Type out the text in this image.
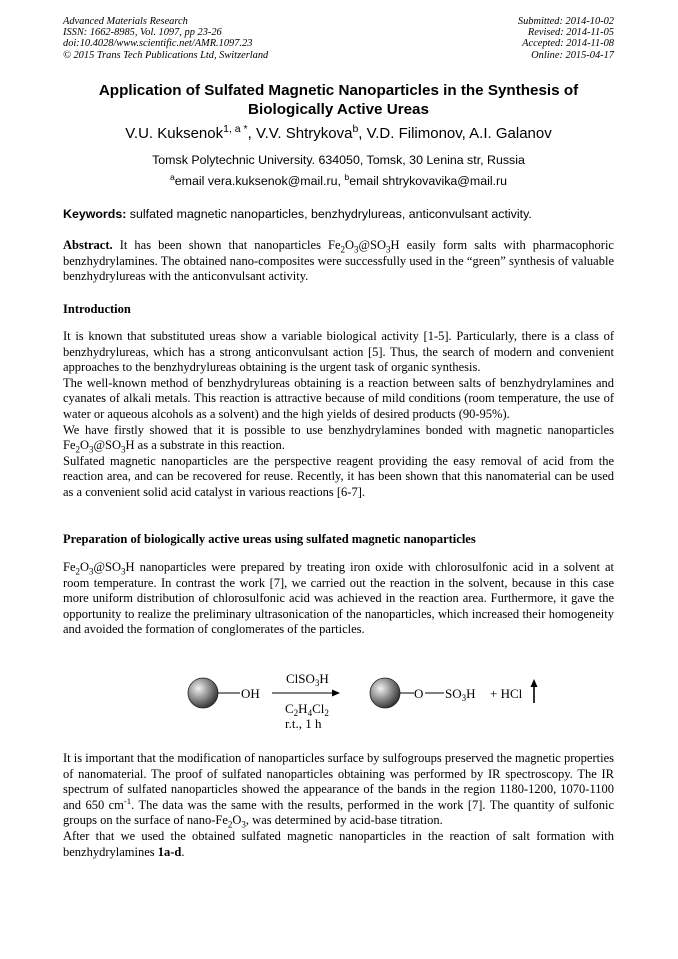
Advanced Materials Research
ISSN: 1662-8985, Vol. 1097, pp 23-26
doi:10.4028/www.scientific.net/AMR.1097.23
© 2015 Trans Tech Publications Ltd, Switzerland
Submitted: 2014-10-02
Revised: 2014-11-05
Accepted: 2014-11-08
Online: 2015-04-17
Application of Sulfated Magnetic Nanoparticles in the Synthesis of
Biologically Active Ureas
V.U. Kuksenok$^{1, a *}$, V.V. Shtrykova$^b$, V.D. Filimonov, A.I. Galanov
Tomsk Polytechnic University. 634050, Tomsk, 30 Lenina str, Russia
$^a$email vera.kuksenok@mail.ru, $^b$email shtrykovavika@mail.ru
Keywords: sulfated magnetic nanoparticles, benzhydrylureas, anticonvulsant activity.
Abstract. It has been shown that nanoparticles $Fe_2O_3@SO_3H$ easily form salts with pharmacophoric benzhydrylamines. The obtained nano-composites were successfully used in the “green” synthesis of valuable benzhydrylureas with the anticonvulsant activity.
Introduction
It is known that substituted ureas show a variable biological activity [1-5]. Particularly, there is a class of benzhydrylureas, which has a strong anticonvulsant action [5]. Thus, the search of modern and convenient approaches to the benzhydrylureas obtaining is the urgent task of organic synthesis.
The well-known method of benzhydrylureas obtaining is a reaction between salts of benzhydrylamines and cyanates of alkali metals. This reaction is attractive because of mild conditions (room temperature, the use of water or aqueous alcohols as a solvent) and the high yields of desired products (90-95%).
We have firstly showed that it is possible to use benzhydrylamines bonded with magnetic nanoparticles $Fe_2O_3@SO_3H$ as a substrate in this reaction.
Sulfated magnetic nanoparticles are the perspective reagent providing the easy removal of acid from the reaction area, and can be recovered for reuse. Recently, it has been shown that this nanomaterial can be used as a convenient solid acid catalyst in various reactions [6-7].
Preparation of biologically active ureas using sulfated magnetic nanoparticles
$Fe_2O_3@SO_3H$ nanoparticles were prepared by treating iron oxide with chlorosulfonic acid in a solvent at room temperature. In contrast the work [7], we carried out the reaction in the solvent, because in this case more uniform distribution of chlorosulfonic acid was achieved in the reaction area. Furthermore, it gave the opportunity to realize the preliminary ultrasonication of the nanoparticles, which increased their homogeneity and avoided the formation of conglomerates of the particles.
OH
ClSO$_3$H
$C_2H_4Cl_2$
r.t., 1 h
O $SO_3H$ + HCl
It is important that the modification of nanoparticles surface by sulfogroups preserved the magnetic properties of nanomaterial. The proof of sulfated nanoparticles obtaining was performed by IR spectroscopy. The IR spectrum of sulfated nanoparticles showed the appearance of the bands in the region 1180-1200, 1070-1100 and 650 $cm^{-1}$. The data was the same with the results, performed in the work [7]. The quantity of sulfonic groups on the surface of nano-$Fe_2O_3$, was determined by acid-base titration.
After that we used the obtained sulfated magnetic nanoparticles in the reaction of salt formation with benzhydrylamines 1a-d.
